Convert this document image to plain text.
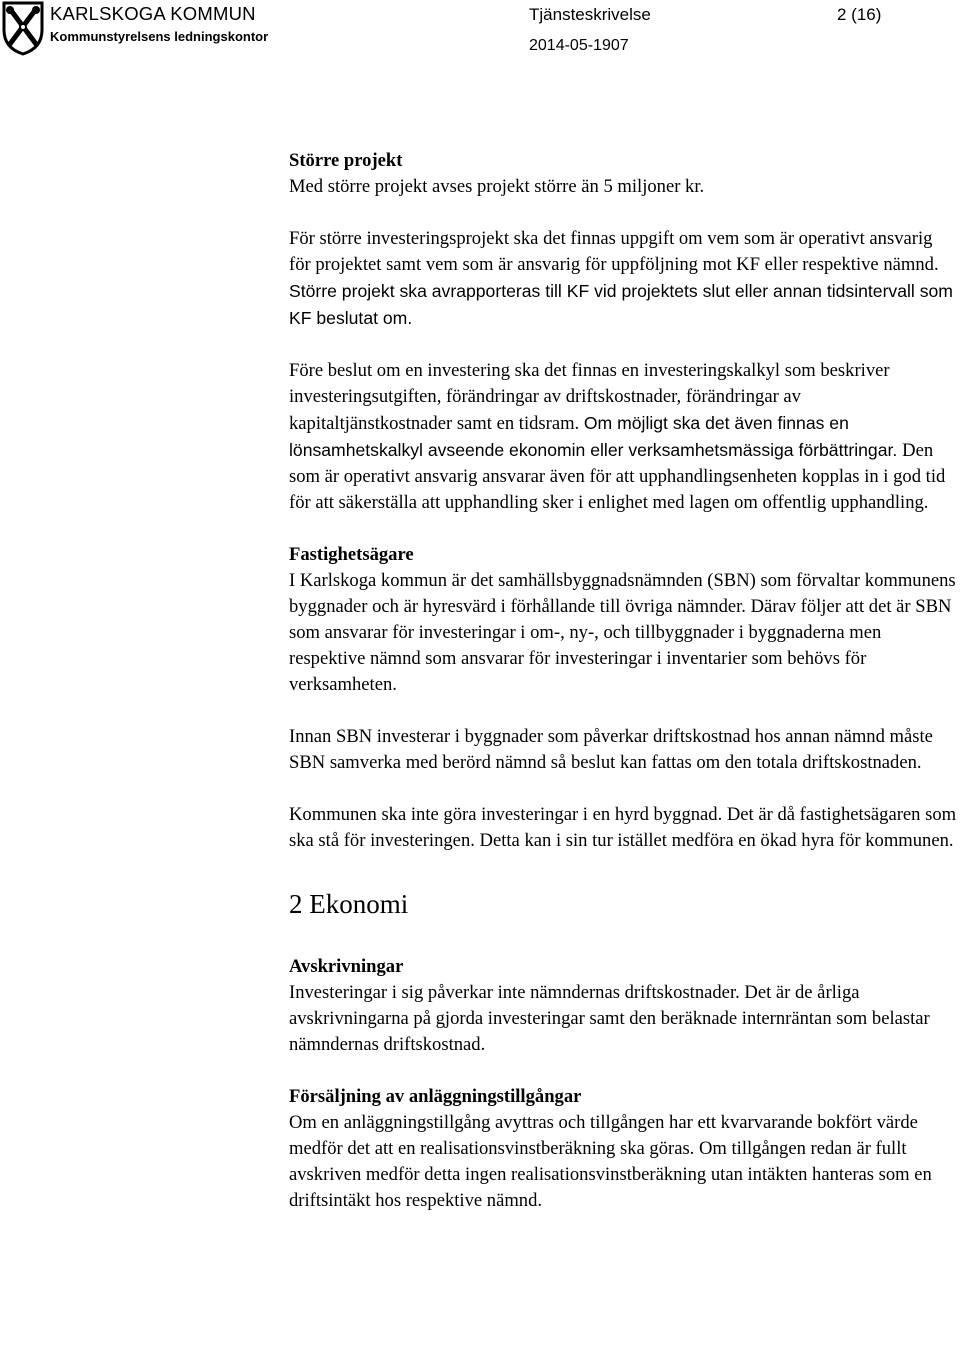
KARLSKOGA KOMMUN
Kommunstyrelsens ledningskontor
Tjänsteskrivelse	2 (16)
2014-05-1907
Större projekt
Med större projekt avses projekt större än 5 miljoner kr.

För större investeringsprojekt ska det finnas uppgift om vem som är operativt ansvarig för projektet samt vem som är ansvarig för uppföljning mot KF eller respektive nämnd. Större projekt ska avrapporteras till KF vid projektets slut eller annan tidsintervall som KF beslutat om.

Före beslut om en investering ska det finnas en investeringskalkyl som beskriver investeringsutgiften, förändringar av driftskostnader, förändringar av kapitaltjänstkostnader samt en tidsram. Om möjligt ska det även finnas en lönsamhetskalkyl avseende ekonomin eller verksamhetsmässiga förbättringar. Den som är operativt ansvarig ansvarar även för att upphandlingsenheten kopplas in i god tid för att säkerställa att upphandling sker i enlighet med lagen om offentlig upphandling.

Fastighetsägare
I Karlskoga kommun är det samhällsbyggnadsnämnden (SBN) som förvaltar kommunens byggnader och är hyresvärd i förhållande till övriga nämnder. Därav följer att det är SBN som ansvarar för investeringar i om-, ny-, och tillbyggnader i byggnaderna men respektive nämnd som ansvarar för investeringar i inventarier som behövs för verksamheten.

Innan SBN investerar i byggnader som påverkar driftskostnad hos annan nämnd måste SBN samverka med berörd nämnd så beslut kan fattas om den totala driftskostnaden.

Kommunen ska inte göra investeringar i en hyrd byggnad. Det är då fastighetsägaren som ska stå för investeringen. Detta kan i sin tur istället medföra en ökad hyra för kommunen.

2 Ekonomi
Avskrivningar
Investeringar i sig påverkar inte nämndernas driftskostnader. Det är de årliga avskrivningarna på gjorda investeringar samt den beräknade internräntan som belastar nämndernas driftskostnad.
Försäljning av anläggningstillgångar
Om en anläggningstillgång avyttras och tillgången har ett kvarvarande bokfört värde medför det att en realisationsvinstberäkning ska göras. Om tillgången redan är fullt avskriven medför detta ingen realisationsvinstberäkning utan intäkten hanteras som en driftsintäkt hos respektive nämnd.
